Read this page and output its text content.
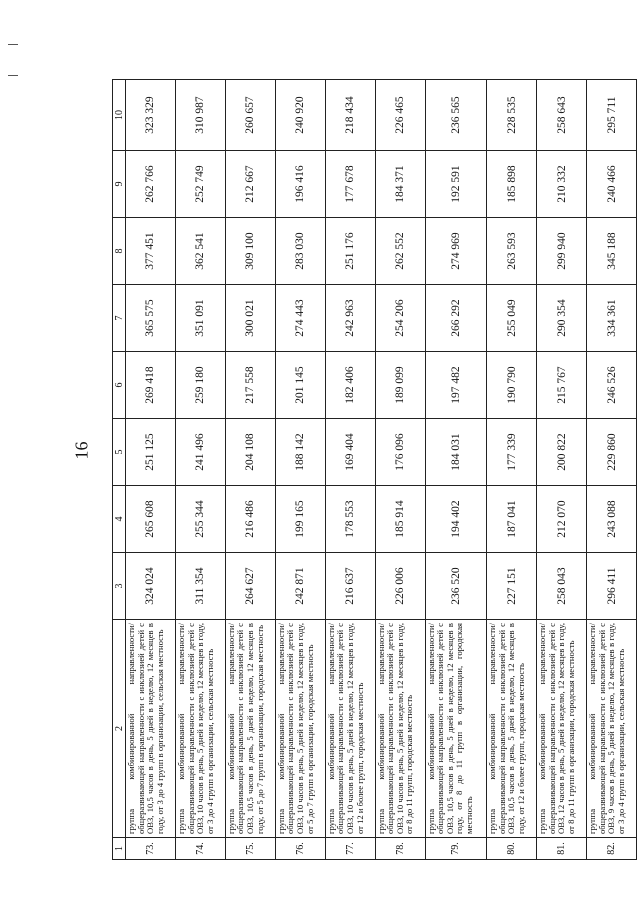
16
1	2	3	4	5	6	7	8	9	10
73.	группа комбинированной направленности/общеразвивающей направленности с инклюзией детей с ОВЗ, 10,5 часов в день, 5 дней в неделю, 12 месяцев в году, от 3 до 4 групп в организации, сельская местность	324 024	265 608	251 125	269 418	365 575	377 451	262 766	323 329
74.	группа комбинированной направленности/общеразвивающей направленности с инклюзией детей с ОВЗ, 10 часов в день, 5 дней в неделю, 12 месяцев в году, от 3 до 4 групп в организации, сельская местность	311 354	255 344	241 496	259 180	351 091	362 541	252 749	310 987
75.	группа комбинированной направленности/общеразвивающей направленности с инклюзией детей с ОВЗ, 10,5 часов в день, 5 дней в неделю, 12 месяцев в году, от 5 до 7 групп в организации, городская местность	264 627	216 486	204 108	217 558	300 021	309 100	212 667	260 657
76.	группа комбинированной направленности/общеразвивающей направленности с инклюзией детей с ОВЗ, 10 часов в день, 5 дней в неделю, 12 месяцев в году, от 5 до 7 групп в организации, городская местность	242 871	199 165	188 142	201 145	274 443	283 030	196 416	240 920
77.	группа комбинированной направленности/общеразвивающей направленности с инклюзией детей с ОВЗ, 10 часов в день, 5 дней в неделю, 12 месяцев в году, от 12 и более групп, городская местность	216 637	178 553	169 404	182 406	242 963	251 176	177 678	218 434
78.	группа комбинированной направленности/общеразвивающей направленности с инклюзией детей с ОВЗ, 10 часов в день, 5 дней в неделю, 12 месяцев в году, от 8 до 11 групп, городская местность	226 006	185 914	176 096	189 099	254 206	262 552	184 371	226 465
79.	группа комбинированной направленности/общеразвивающей направленности с инклюзией детей с ОВЗ, 10,5 часов в день, 5 дней в неделю, 12 месяцев в году, от 8 до 11 групп в организации, городская местность	236 520	194 402	184 031	197 482	266 292	274 969	192 591	236 565
80.	группа комбинированной направленности/общеразвивающей направленности с инклюзией детей с ОВЗ, 10,5 часов в день, 5 дней в неделю, 12 месяцев в году, от 12 и более групп, городская местность	227 151	187 041	177 339	190 790	255 049	263 593	185 898	228 535
81.	группа комбинированной направленности/общеразвивающей направленности с инклюзией детей с ОВЗ, 12 часов в день, 5 дней в неделю, 12 месяцев в году, от 8 до 11 групп в организации, городская местность	258 043	212 070	200 822	215 767	290 354	299 940	210 332	258 643
82.	группа комбинированной направленности/общеразвивающей направленности с инклюзией детей с ОВЗ, 9 часов в день, 5 дней в неделю, 12 месяцев в году, от 3 до 4 групп в организации, сельская местность	296 411	243 088	229 860	246 526	334 361	345 188	240 466	295 711
